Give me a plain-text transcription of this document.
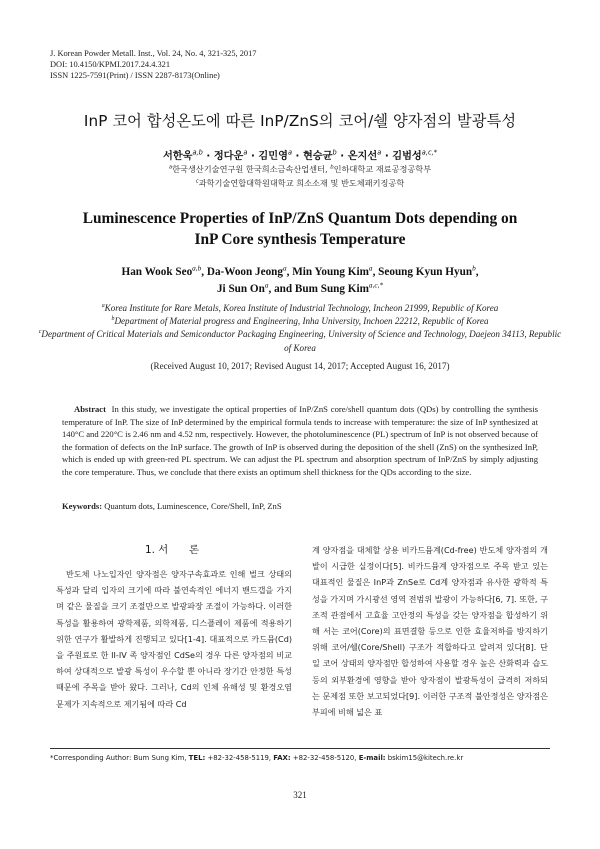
J. Korean Powder Metall. Inst., Vol. 24, No. 4, 321-325, 2017
DOI: 10.4150/KPMI.2017.24.4.321
ISSN 1225-7591(Print) / ISSN 2287-8173(Online)
InP 코어 합성온도에 따른 InP/ZnS의 코어/쉘 양자점의 발광특성
서한욱$^{a,b}$ · 정다운$^a$ · 김민영$^a$ · 현승균$^b$ · 온지선$^a$ · 김범성$^{a,c,*}$
$^a$한국생산기술연구원 한국희소금속산업센터, $^b$인하대학교 재료공정공학부
$^c$과학기술연합대학원대학교 희소소재 및 반도체패키징공학
Luminescence Properties of InP/ZnS Quantum Dots depending on
InP Core synthesis Temperature
Han Wook Seo$^{a,b}$, Da-Woon Jeong$^a$, Min Young Kim$^a$, Seoung Kyun Hyun$^b$,
Ji Sun On$^a$, and Bum Sung Kim$^{a,c,*}$
$^a$Korea Institute for Rare Metals, Korea Institute of Industrial Technology, Incheon 21999, Republic of Korea
$^b$Department of Material progress and Engineering, Inha University, Inchoen 22212, Republic of Korea
$^c$Department of Critical Materials and Semiconductor Packaging Engineering, University of Science and Technology, Daejeon 34113, Republic of Korea
(Received August 10, 2017; Revised August 14, 2017; Accepted August 16, 2017)
Abstract In this study, we investigate the optical properties of InP/ZnS core/shell quantum dots (QDs) by controlling the synthesis temperature of InP. The size of InP determined by the empirical formula tends to increase with temperature: the size of InP synthesized at 140°C and 220°C is 2.46 nm and 4.52 nm, respectively. However, the photoluminescence (PL) spectrum of InP is not observed because of the formation of defects on the InP surface. The growth of InP is observed during the deposition of the shell (ZnS) on the synthesized InP, which is ended up with green-red PL spectrum. We can adjust the PL spectrum and absorption spectrum of InP/ZnS by simply adjusting the core temperature. Thus, we conclude that there exists an optimum shell thickness for the QDs according to the size.
Keywords: Quantum dots, Luminescence, Core/Shell, InP, ZnS
1. 서　　론
반도체 나노입자인 양자점은 양자구속효과로 인해 벌크 상태의 특성과 달리 입자의 크기에 따라 불연속적인 에너지 밴드갭을 가지며 같은 물질을 크기 조절만으로 발광파장 조절이 가능하다. 이러한 특성을 활용하여 광학제품, 의학제품, 디스플레이 제품에 적용하기 위한 연구가 활발하게 진행되고 있다[1-4]. 대표적으로 카드뮴(Cd)을 주원료로 한 II-IV 족 양자점인 CdSe의 경우 다른 양자점의 비교하여 상대적으로 발광 특성이 우수할 뿐 아니라 장기간 안정한 특성 때문에 주목을 받아 왔다. 그러나, Cd의 인체 유해성 및 환경오염 문제가 지속적으로 제기됨에 따라 Cd
계 양자점을 대체할 상용 비카드뮴계(Cd-free) 반도체 양자점의 개발이 시급한 실정이다[5]. 비카드뮴계 양자점으로 주목 받고 있는 대표적인 물질은 InP과 ZnSe로 Cd계 양자점과 유사한 광학적 특성을 가지며 가시광선 영역 전범위 발광이 가능하다[6, 7]. 또한, 구조적 관점에서 고효율 고안정의 특성을 갖는 양자점을 합성하기 위해 서는 코어(Core)의 표면결함 등으로 인한 효율저하를 방지하기 위해 코어/쉘(Core/Shell) 구조가 적합하다고 알려져 있다[8]. 단일 코어 상태의 양자점만 합성하여 사용할 경우 높은 산화력과 습도 등의 외부환경에 영향을 받아 양자점이 발광특성이 급격히 저하되는 문제점 또한 보고되었다[9]. 이러한 구조적 불안정성은 양자점은 부피에 비해 넓은 표
*Corresponding Author: Bum Sung Kim, TEL: +82-32-458-5119, FAX: +82-32-458-5120, E-mail: bskim15@kitech.re.kr
321
